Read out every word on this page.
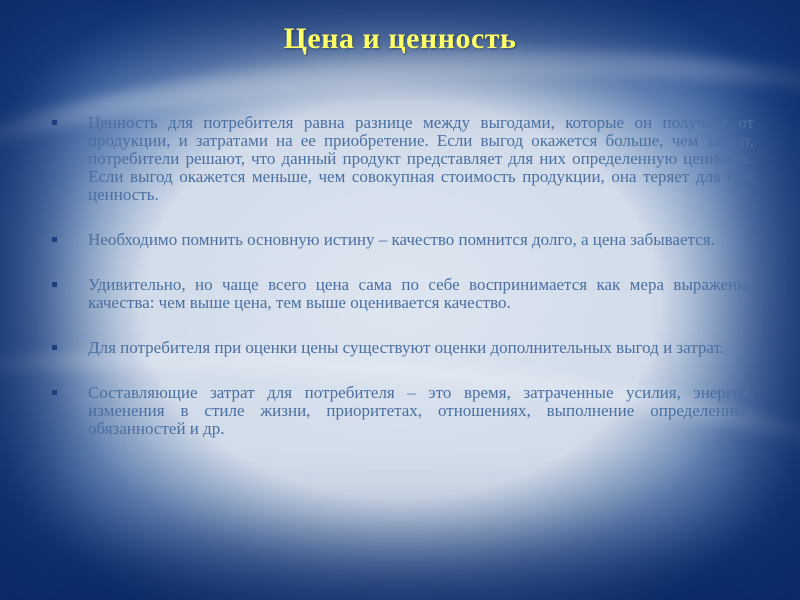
Цена и ценность
Ценность для потребителя равна разнице между выгодами, которые он получает от продукции, и затратами на ее приобретение. Если выгод окажется больше, чем затрат, потребители решают, что данный продукт представляет для них определенную ценность. Если выгод окажется меньше, чем совокупная стоимость продукции, она теряет для них ценность.
Необходимо помнить основную истину – качество помнится долго, а цена забывается.
Удивительно, но чаще всего цена сама по себе воспринимается как мера выражения качества: чем выше цена, тем выше оценивается качество.
Для потребителя при оценки цены существуют оценки дополнительных выгод и затрат.
Составляющие затрат для потребителя – это время, затраченные усилия, энергия, изменения в стиле жизни, приоритетах, отношениях, выполнение определенных обязанностей и др.
